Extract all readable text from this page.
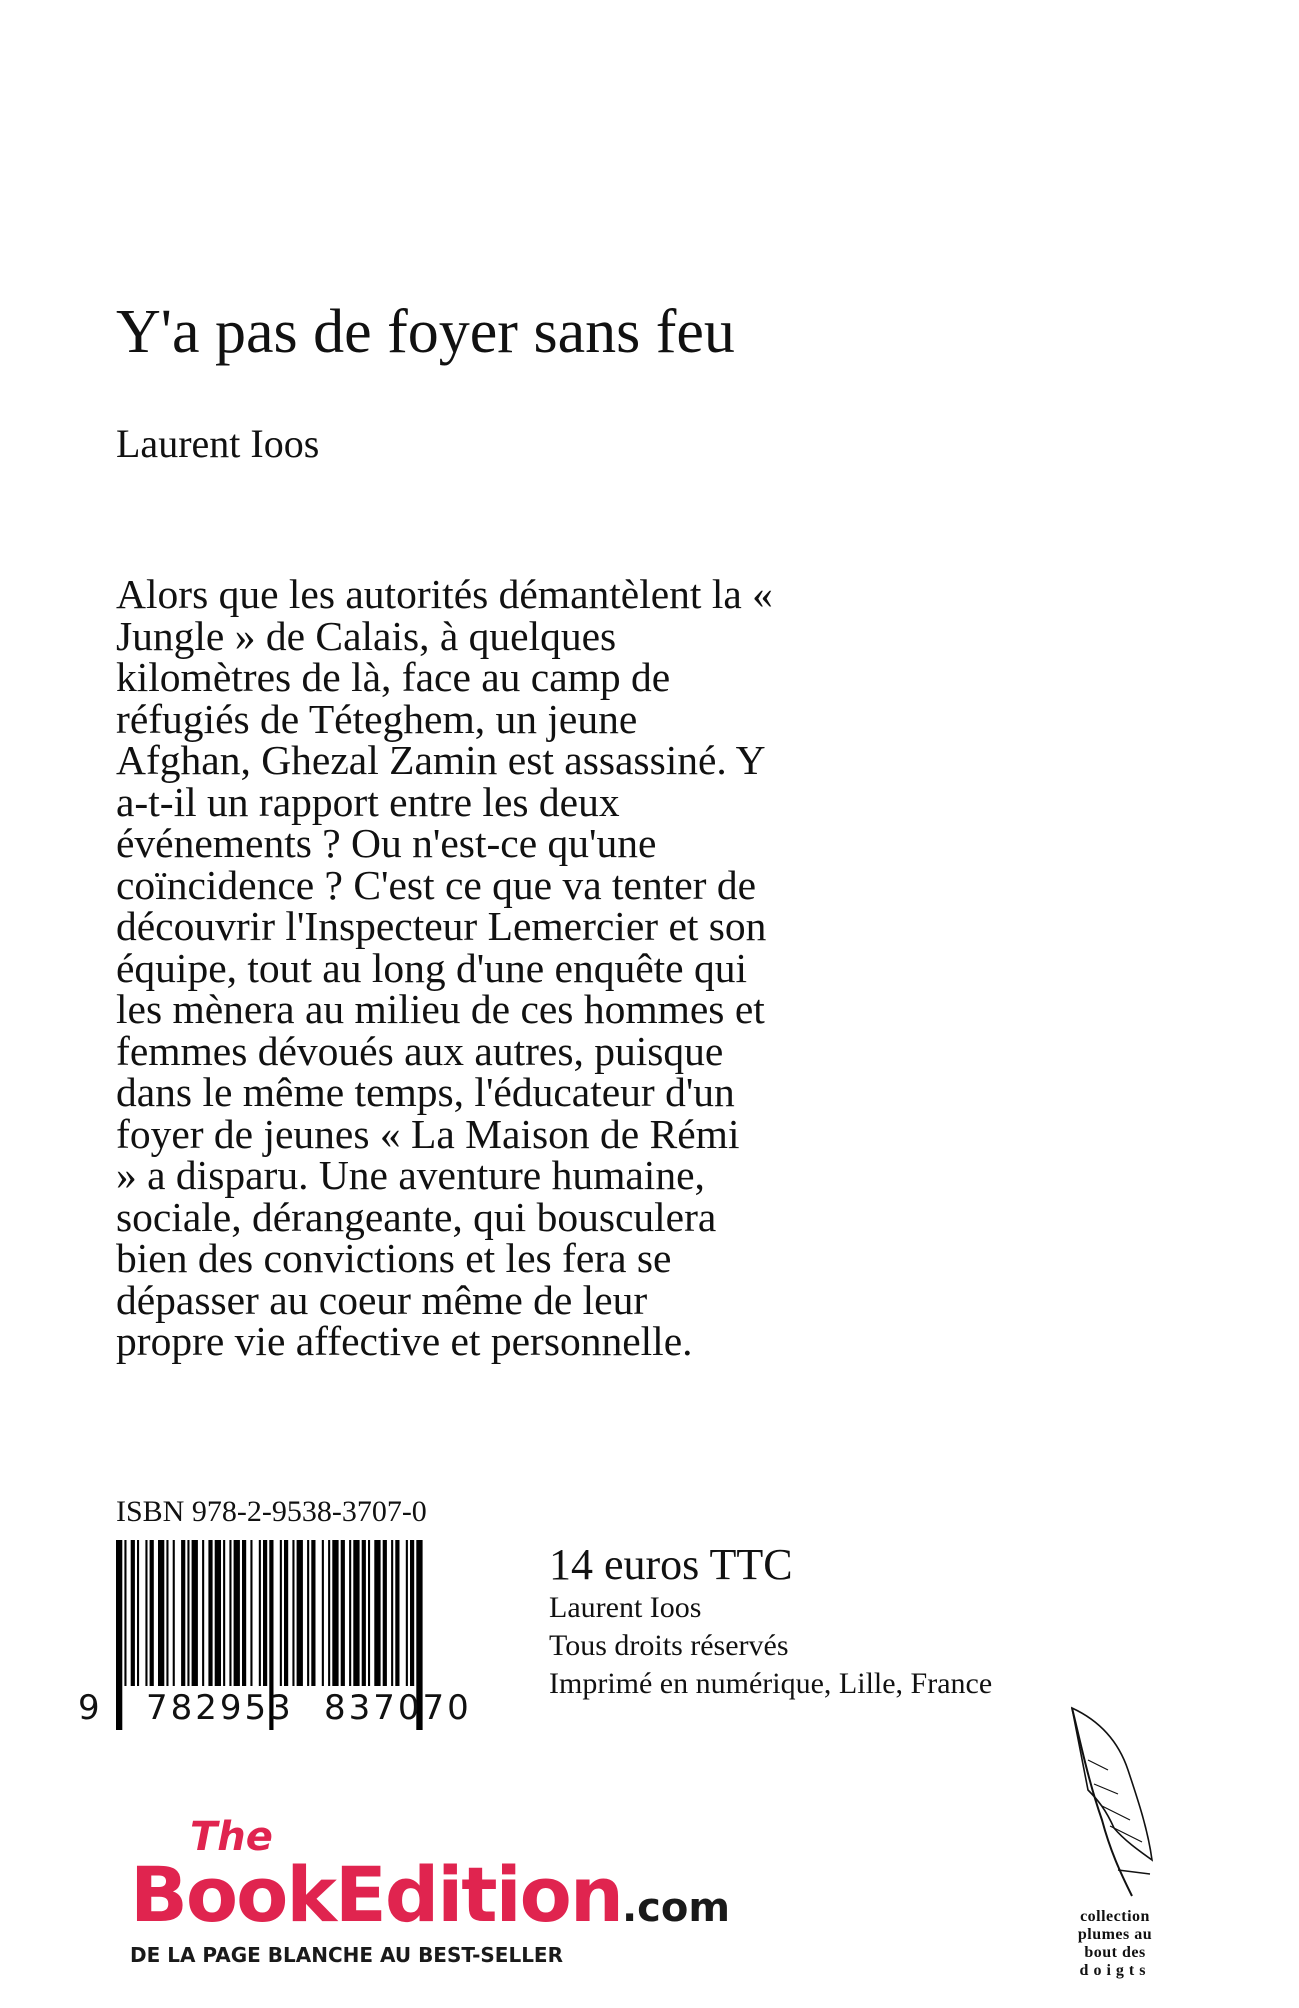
Y'a pas de foyer sans feu
Laurent Ioos
Alors que les autorités démantèlent la «
Jungle » de Calais, à quelques
kilomètres de là, face au camp de
réfugiés de Téteghem, un jeune
Afghan, Ghezal Zamin est assassiné. Y
a-t-il un rapport entre les deux
événements ? Ou n'est-ce qu'une
coïncidence ? C'est ce que va tenter de
découvrir l'Inspecteur Lemercier et son
équipe, tout au long d'une enquête qui
les mènera au milieu de ces hommes et
femmes dévoués aux autres, puisque
dans le même temps, l'éducateur d'un
foyer de jeunes « La Maison de Rémi
» a disparu. Une aventure humaine,
sociale, dérangeante, qui bousculera
bien des convictions et les fera se
dépasser au coeur même de leur
propre vie affective et personnelle.
ISBN 978-2-9538-3707-0
9 782953 837070
14 euros TTC
Laurent Ioos
Tous droits réservés
Imprimé en numérique, Lille, France
The
BookEdition.com
DE LA PAGE BLANCHE AU BEST-SELLER
collection
plumes au
bout des
doigts
